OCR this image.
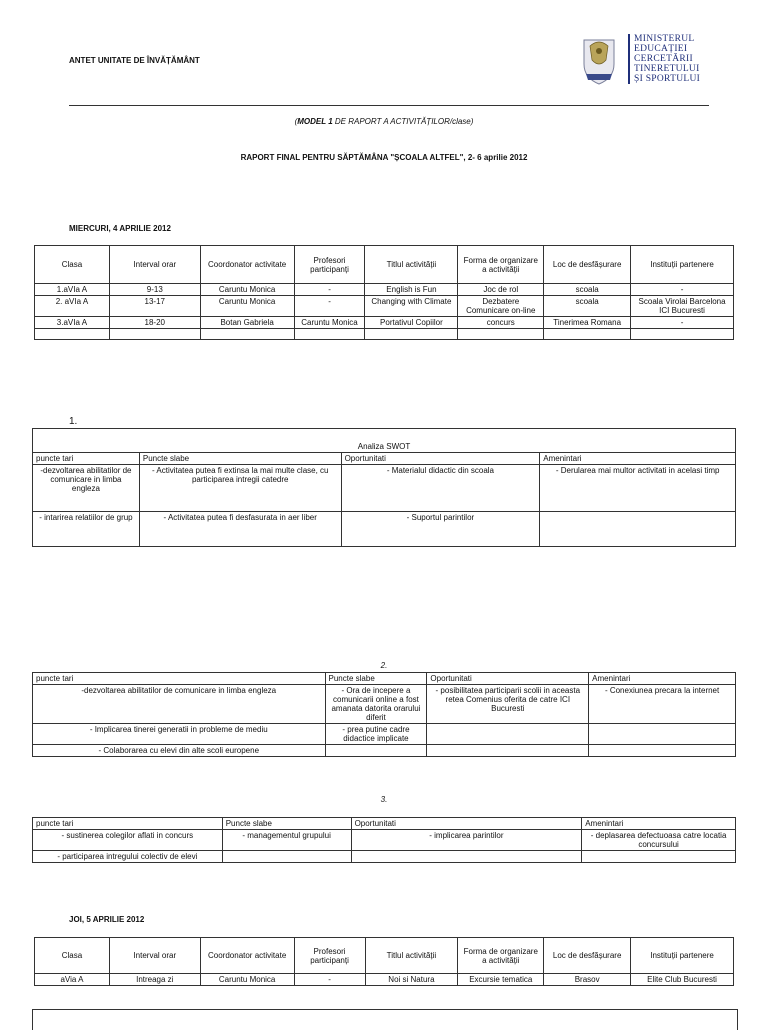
ANTET UNITATE DE ÎNVĂȚĂMÂNT
MINISTERUL
EDUCAȚIEI
CERCETĂRII
TINERETULUI
ȘI SPORTULUI
(MODEL 1 DE RAPORT A ACTIVITĂȚILOR/clase)
RAPORT FINAL PENTRU SĂPTĂMÂNA "ȘCOALA ALTFEL", 2- 6 aprilie 2012
MIERCURI, 4 APRILIE 2012
Clasa	Interval orar	Coordonator activitate	Profesori participanți	Titlul activității	Forma de organizare a activității	Loc de desfășurare	Instituții partenere
1.aVIa A	9-13	Caruntu Monica	-	English is Fun	Joc de rol	scoala	-
2. aVIa A	13-17	Caruntu Monica	-	Changing with Climate	Dezbatere Comunicare on-line	scoala	Scoala Virolai Barcelona ICI Bucuresti
3.aVIa A	18-20	Botan Gabriela	Caruntu Monica	Portativul Copiilor	concurs	Tinerimea Romana	-

1.
Analiza SWOT			
puncte tari	Puncte slabe	Oportunitati	Amenintari
-dezvoltarea abilitatilor de comunicare in limba engleza	- Activitatea putea fi extinsa la mai multe clase, cu participarea intregii catedre	- Materialul didactic din scoala	- Derularea mai multor activitati in acelasi timp
- intarirea relatiilor de grup	- Activitatea putea fi desfasurata in aer liber	- Suportul parintilor	
2.
puncte tari	Puncte slabe	Oportunitati	Amenintari
-dezvoltarea abilitatilor de comunicare in limba engleza	- Ora de incepere a comunicarii online a fost amanata datorita orarului diferit	- posibilitatea participarii scolii in aceasta retea Comenius oferita de catre ICI Bucuresti	- Conexiunea precara la internet
- Implicarea tinerei generatii in probleme de mediu	- prea putine cadre didactice implicate		
- Colaborarea cu elevi din alte scoli europene			
3.
puncte tari	Puncte slabe	Oportunitati	Amenintari
- sustinerea colegilor aflati in concurs	- managementul grupului	- implicarea parintilor	- deplasarea defectuoasa catre locatia concursului
- participarea intregului colectiv de elevi			
JOI, 5 APRILIE 2012
Clasa	Interval orar	Coordonator activitate	Profesori participanți	Titlul activității	Forma de organizare a activității	Loc de desfășurare	Instituții partenere
aVia A	Intreaga zi	Caruntu Monica	-	Noi si Natura	Excursie tematica	Brasov	Elite Club Bucuresti
